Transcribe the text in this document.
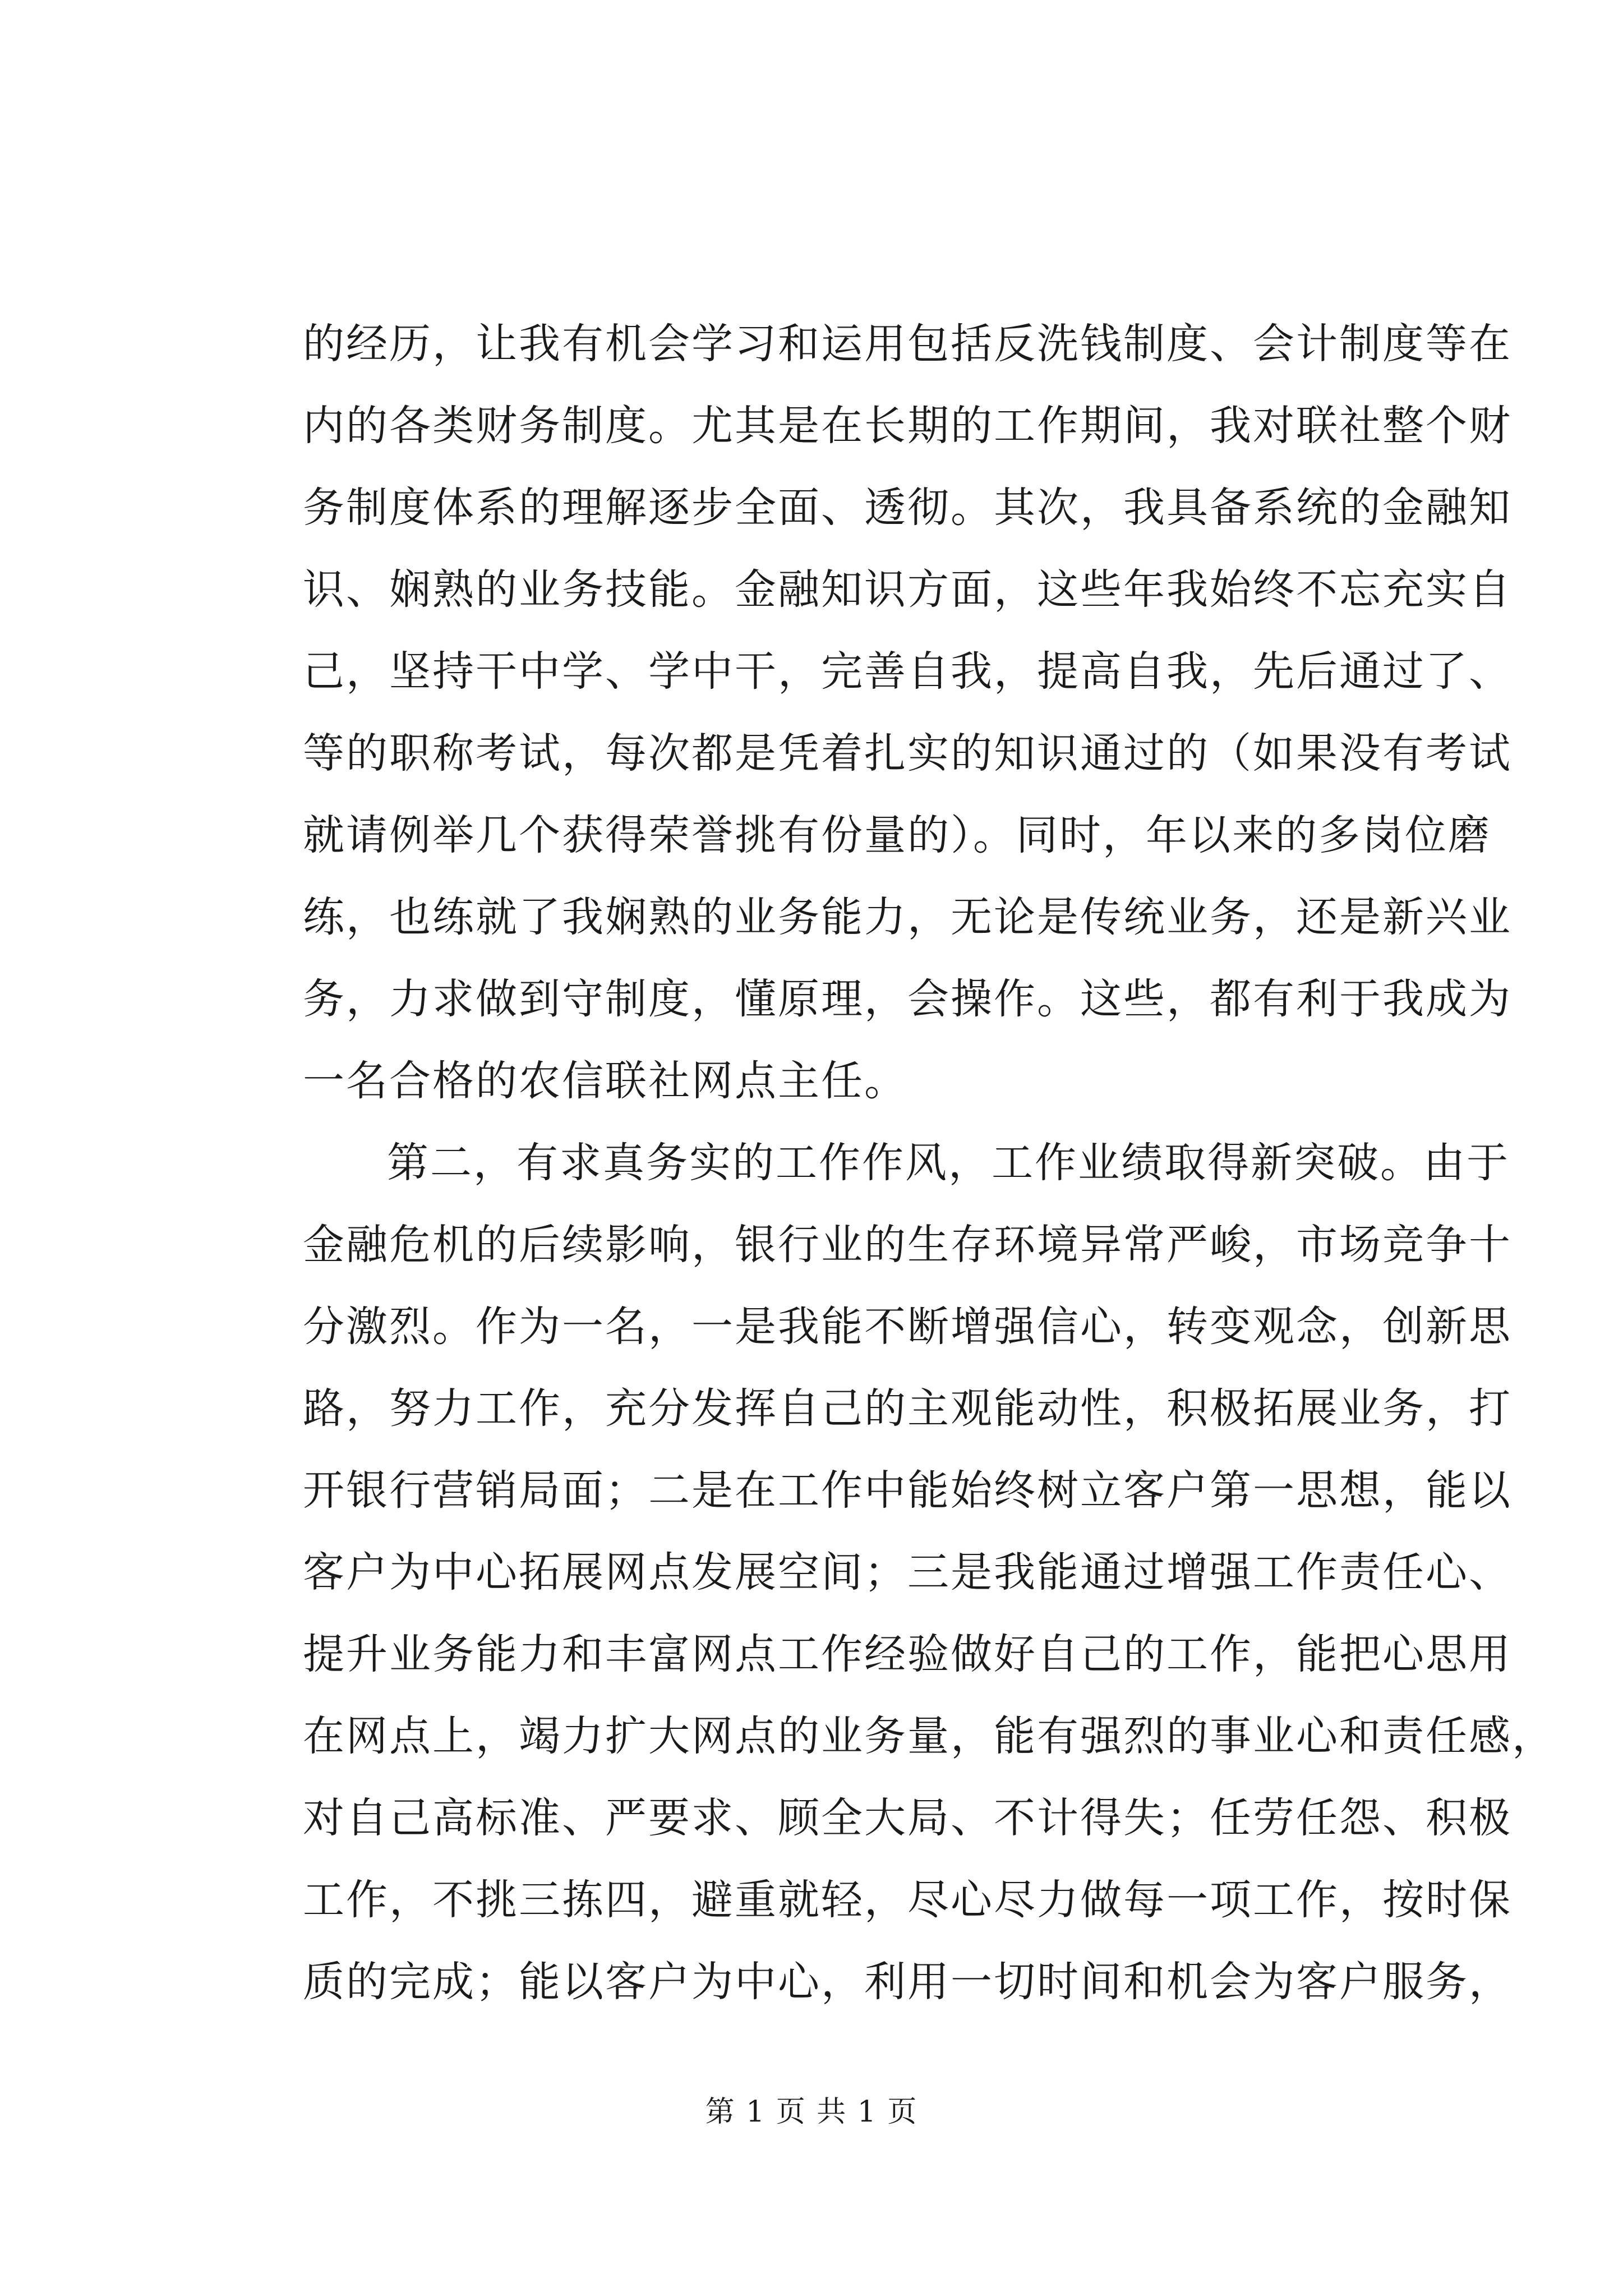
的经历，让我有机会学习和运用包括反洗钱制度、会计制度等在
内的各类财务制度。尤其是在长期的工作期间，我对联社整个财
务制度体系的理解逐步全面、透彻。其次，我具备系统的金融知
识、娴熟的业务技能。金融知识方面，这些年我始终不忘充实自
己，坚持干中学、学中干，完善自我，提高自我，先后通过了、
等的职称考试，每次都是凭着扎实的知识通过的（如果没有考试
就请例举几个获得荣誉挑有份量的）。同时，年以来的多岗位磨
练，也练就了我娴熟的业务能力，无论是传统业务，还是新兴业
务，力求做到守制度，懂原理，会操作。这些，都有利于我成为
一名合格的农信联社网点主任。
第二，有求真务实的工作作风，工作业绩取得新突破。由于
金融危机的后续影响，银行业的生存环境异常严峻，市场竞争十
分激烈。作为一名，一是我能不断增强信心，转变观念，创新思
路，努力工作，充分发挥自己的主观能动性，积极拓展业务，打
开银行营销局面；二是在工作中能始终树立客户第一思想，能以
客户为中心拓展网点发展空间；三是我能通过增强工作责任心、
提升业务能力和丰富网点工作经验做好自己的工作，能把心思用
在网点上，竭力扩大网点的业务量，能有强烈的事业心和责任感，
对自己高标准、严要求、顾全大局、不计得失；任劳任怨、积极
工作，不挑三拣四，避重就轻，尽心尽力做每一项工作，按时保
质的完成；能以客户为中心，利用一切时间和机会为客户服务，
第 1 页 共 1 页
